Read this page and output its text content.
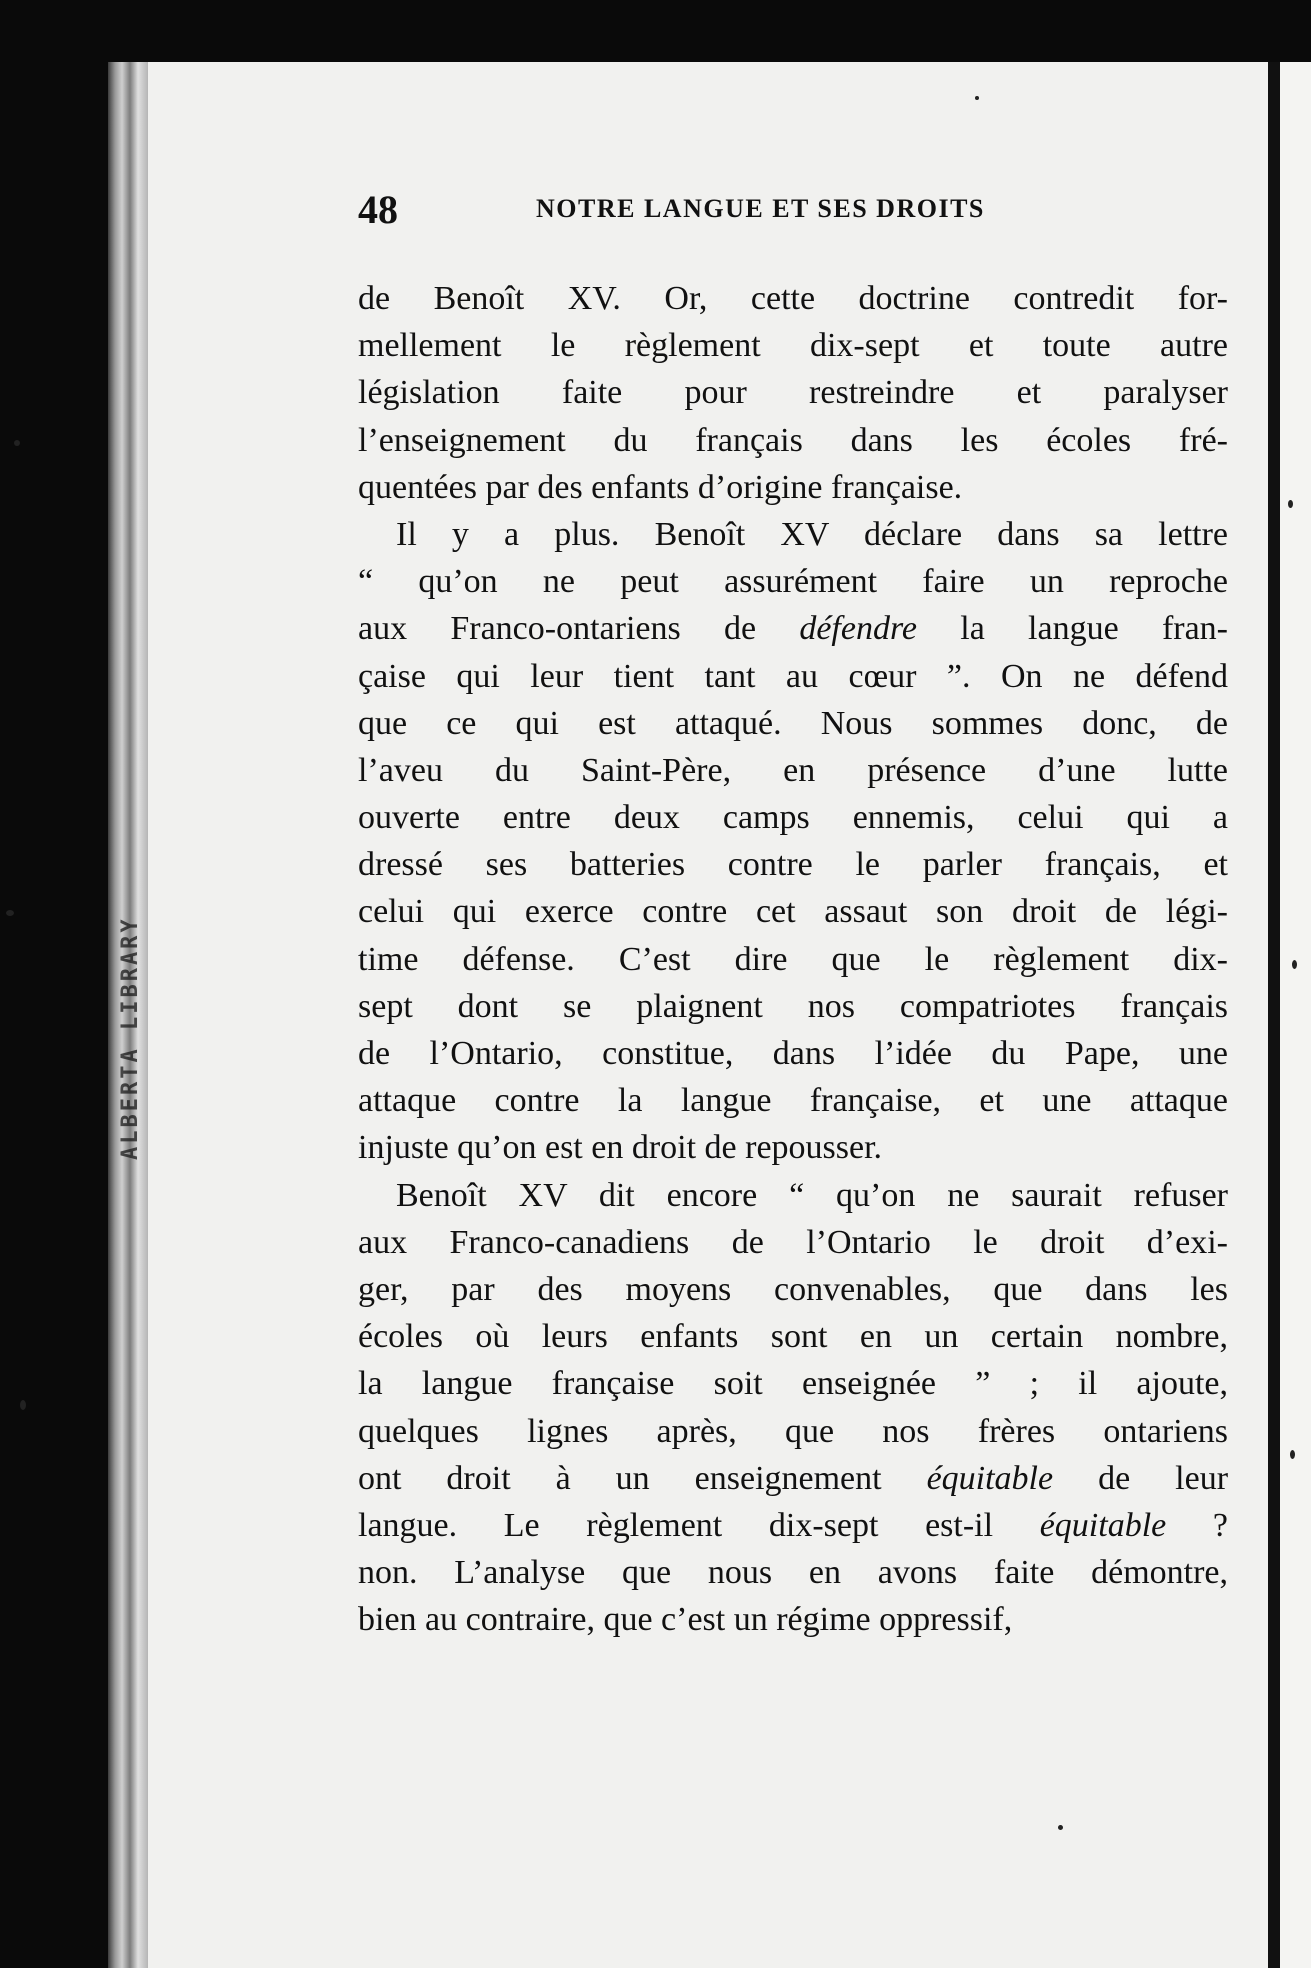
ALBERTA LIBRARY
48	NOTRE LANGUE ET SES DROITS

de Benoît XV. Or, cette doctrine contredit for-
mellement le règlement dix-sept et toute autre
législation faite pour restreindre et paralyser
l’enseignement du français dans les écoles fré-
quentées par des enfants d’origine française.

Il y a plus. Benoît XV déclare dans sa lettre
“ qu’on ne peut assurément faire un reproche
aux Franco-ontariens de défendre la langue fran-
çaise qui leur tient tant au cœur ”. On ne défend
que ce qui est attaqué. Nous sommes donc, de
l’aveu du Saint-Père, en présence d’une lutte
ouverte entre deux camps ennemis, celui qui a
dressé ses batteries contre le parler français, et
celui qui exerce contre cet assaut son droit de légi-
time défense. C’est dire que le règlement dix-
sept dont se plaignent nos compatriotes français
de l’Ontario, constitue, dans l’idée du Pape, une
attaque contre la langue française, et une attaque
injuste qu’on est en droit de repousser.

Benoît XV dit encore “ qu’on ne saurait refuser
aux Franco-canadiens de l’Ontario le droit d’exi-
ger, par des moyens convenables, que dans les
écoles où leurs enfants sont en un certain nombre,
la langue française soit enseignée ” ; il ajoute,
quelques lignes après, que nos frères ontariens
ont droit à un enseignement équitable de leur
langue. Le règlement dix-sept est-il équitable ?
non. L’analyse que nous en avons faite démontre,
bien au contraire, que c’est un régime oppressif,
